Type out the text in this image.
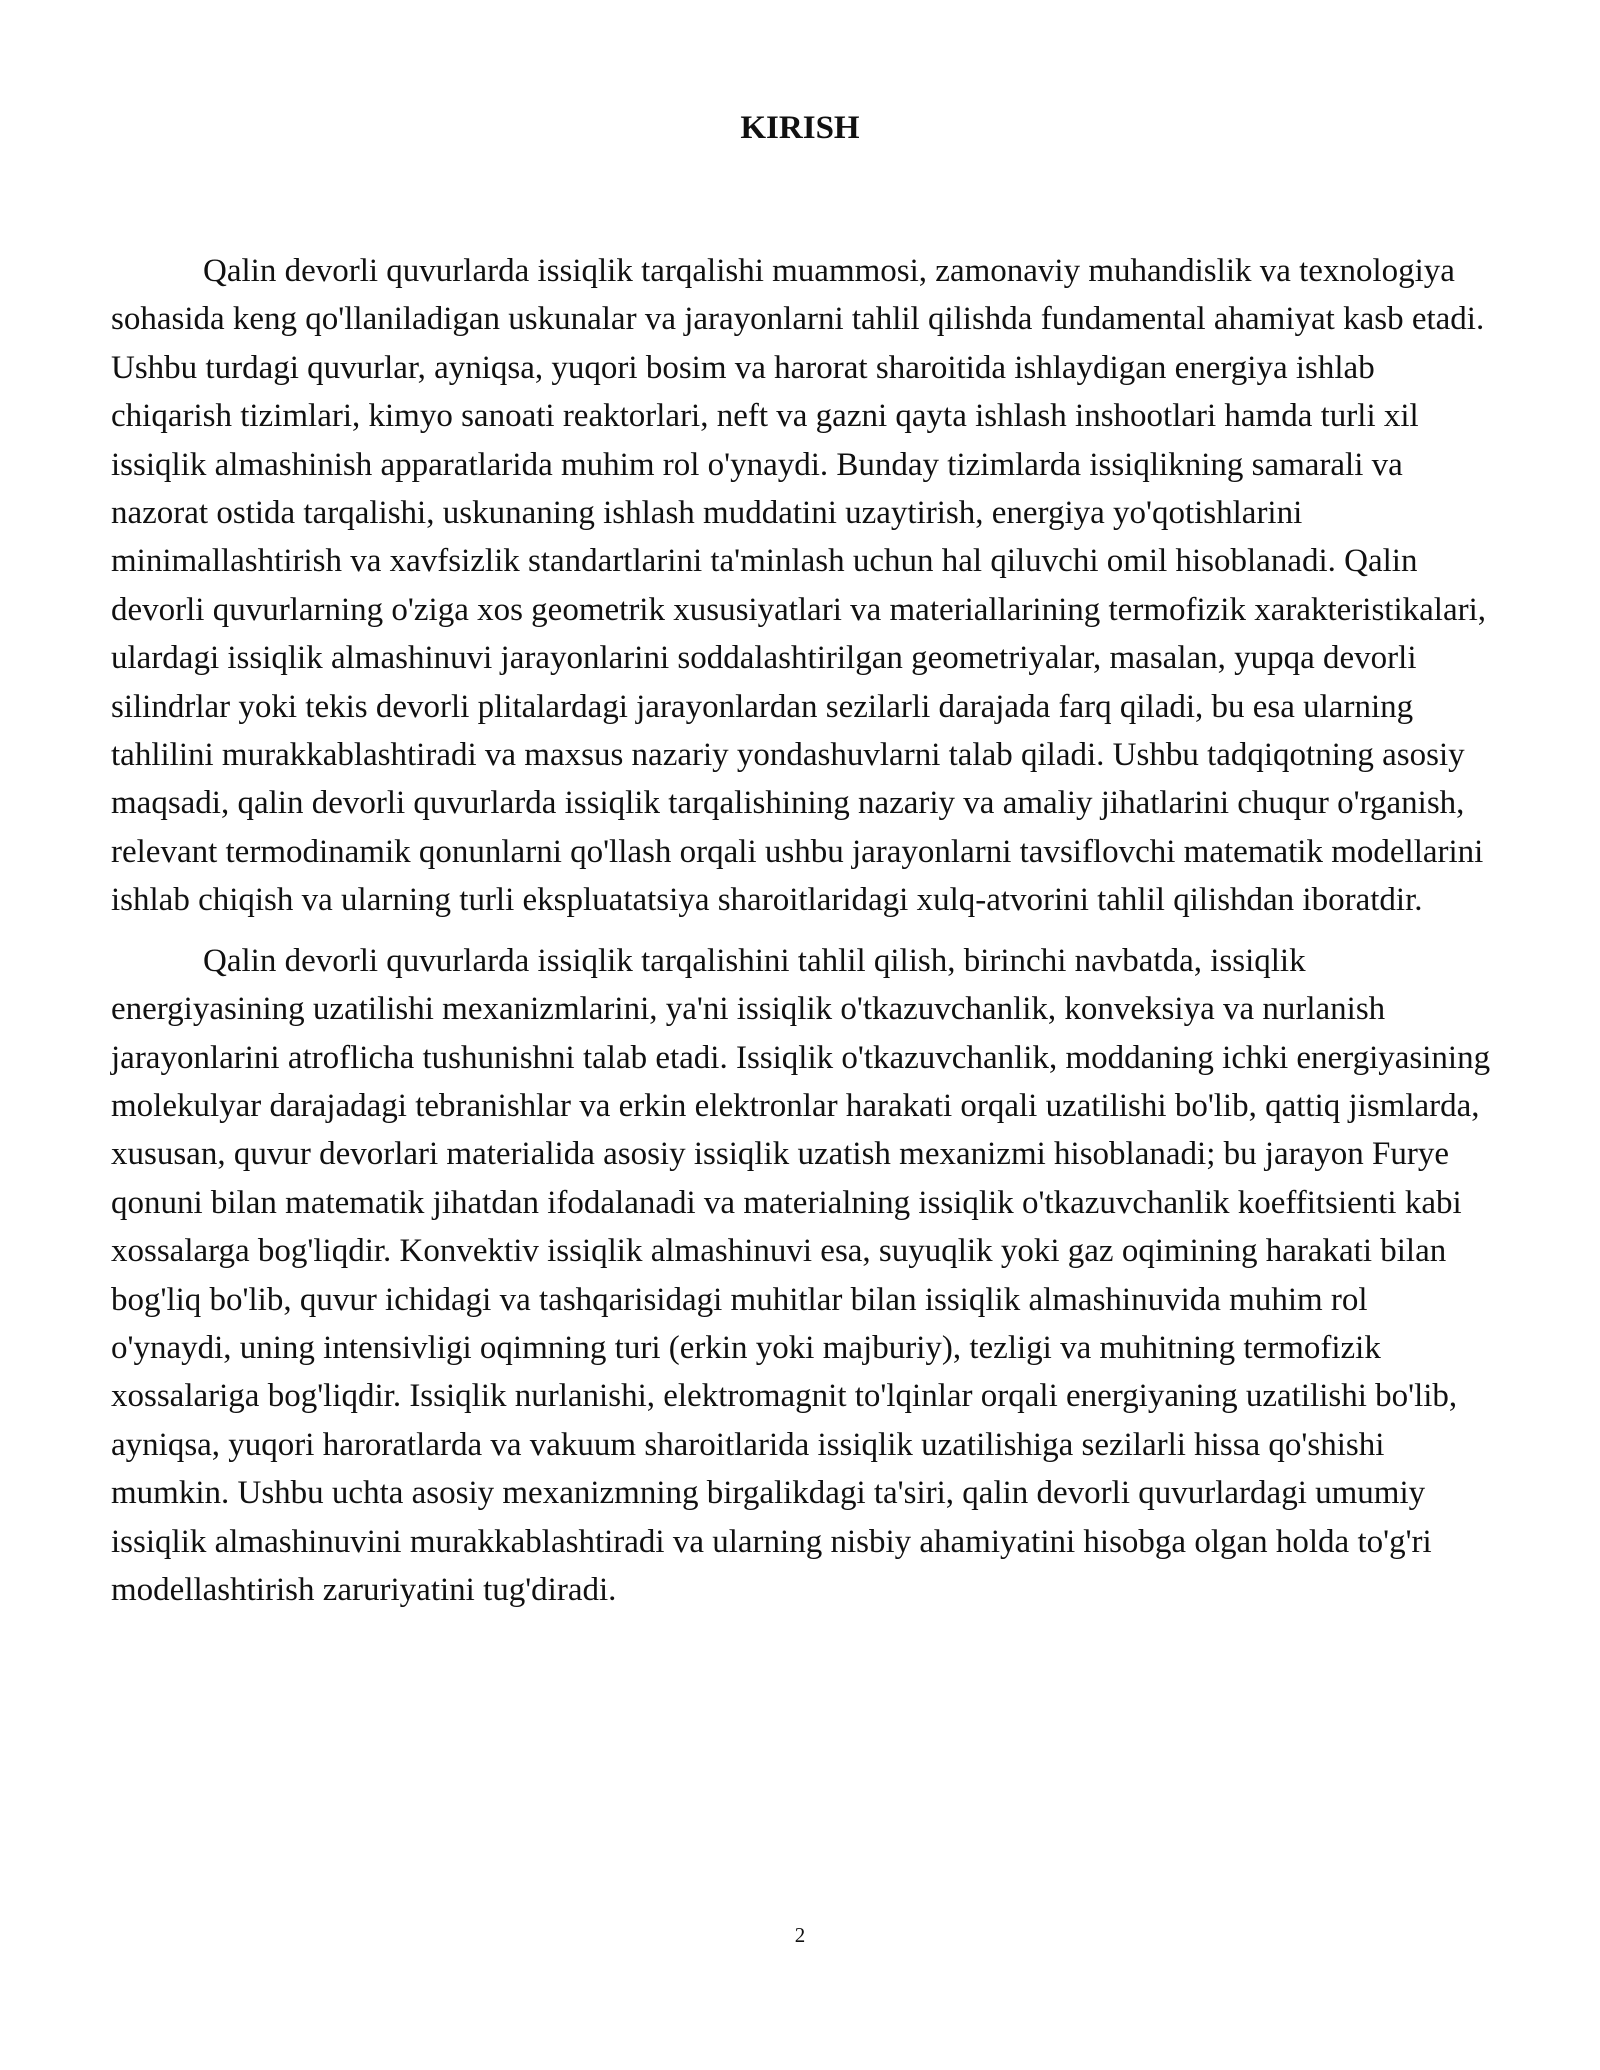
KIRISH

Qalin devorli quvurlarda issiqlik tarqalishi muammosi, zamonaviy muhandislik va texnologiya sohasida keng qo'llaniladigan uskunalar va jarayonlarni tahlil qilishda fundamental ahamiyat kasb etadi. Ushbu turdagi quvurlar, ayniqsa, yuqori bosim va harorat sharoitida ishlaydigan energiya ishlab chiqarish tizimlari, kimyo sanoati reaktorlari, neft va gazni qayta ishlash inshootlari hamda turli xil issiqlik almashinish apparatlarida muhim rol o'ynaydi. Bunday tizimlarda issiqlikning samarali va nazorat ostida tarqalishi, uskunaning ishlash muddatini uzaytirish, energiya yo'qotishlarini minimallashtirish va xavfsizlik standartlarini ta'minlash uchun hal qiluvchi omil hisoblanadi. Qalin devorli quvurlarning o'ziga xos geometrik xususiyatlari va materiallarining termofizik xarakteristikalari, ulardagi issiqlik almashinuvi jarayonlarini soddalashtirilgan geometriyalar, masalan, yupqa devorli silindrlar yoki tekis devorli plitalardagi jarayonlardan sezilarli darajada farq qiladi, bu esa ularning tahlilini murakkablashtiradi va maxsus nazariy yondashuvlarni talab qiladi. Ushbu tadqiqotning asosiy maqsadi, qalin devorli quvurlarda issiqlik tarqalishining nazariy va amaliy jihatlarini chuqur o'rganish, relevant termodinamik qonunlarni qo'llash orqali ushbu jarayonlarni tavsiflovchi matematik modellarini ishlab chiqish va ularning turli ekspluatatsiya sharoitlaridagi xulq-atvorini tahlil qilishdan iboratdir.

Qalin devorli quvurlarda issiqlik tarqalishini tahlil qilish, birinchi navbatda, issiqlik energiyasining uzatilishi mexanizmlarini, ya'ni issiqlik o'tkazuvchanlik, konveksiya va nurlanish jarayonlarini atroflicha tushunishni talab etadi. Issiqlik o'tkazuvchanlik, moddaning ichki energiyasining molekulyar darajadagi tebranishlar va erkin elektronlar harakati orqali uzatilishi bo'lib, qattiq jismlarda, xususan, quvur devorlari materialida asosiy issiqlik uzatish mexanizmi hisoblanadi; bu jarayon Furye qonuni bilan matematik jihatdan ifodalanadi va materialning issiqlik o'tkazuvchanlik koeffitsienti kabi xossalarga bog'liqdir. Konvektiv issiqlik almashinuvi esa, suyuqlik yoki gaz oqimining harakati bilan bog'liq bo'lib, quvur ichidagi va tashqarisidagi muhitlar bilan issiqlik almashinuvida muhim rol o'ynaydi, uning intensivligi oqimning turi (erkin yoki majburiy), tezligi va muhitning termofizik xossalariga bog'liqdir. Issiqlik nurlanishi, elektromagnit to'lqinlar orqali energiyaning uzatilishi bo'lib, ayniqsa, yuqori haroratlarda va vakuum sharoitlarida issiqlik uzatilishiga sezilarli hissa qo'shishi mumkin. Ushbu uchta asosiy mexanizmning birgalikdagi ta'siri, qalin devorli quvurlardagi umumiy issiqlik almashinuvini murakkablashtiradi va ularning nisbiy ahamiyatini hisobga olgan holda to'g'ri modellashtirish zaruriyatini tug'diradi.

2
